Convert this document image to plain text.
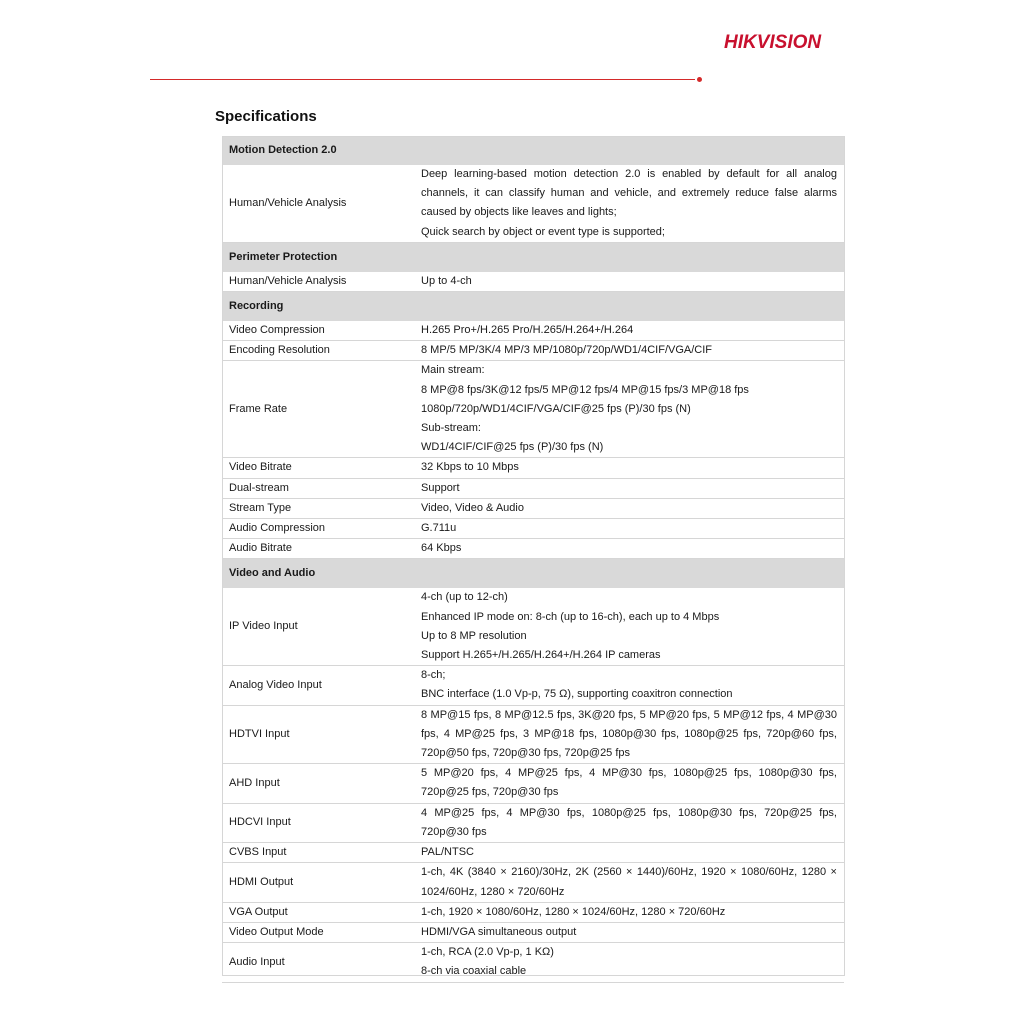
HIKVISION
Specifications
Motion Detection 2.0	
Human/Vehicle Analysis	Deep learning-based motion detection 2.0 is enabled by default for all analog channels, it can classify human and vehicle, and extremely reduce false alarms caused by objects like leaves and lights;
Quick search by object or event type is supported;

Perimeter Protection	
Human/Vehicle Analysis	Up to 4-ch

Recording	
Video Compression	H.265 Pro+/H.265 Pro/H.265/H.264+/H.264

Encoding Resolution	8 MP/5 MP/3K/4 MP/3 MP/1080p/720p/WD1/4CIF/VGA/CIF

Frame Rate	Main stream:
8 MP@8 fps/3K@12 fps/5 MP@12 fps/4 MP@15 fps/3 MP@18 fps
1080p/720p/WD1/4CIF/VGA/CIF@25 fps (P)/30 fps (N)
Sub-stream:
WD1/4CIF/CIF@25 fps (P)/30 fps (N)

Video Bitrate	32 Kbps to 10 Mbps

Dual-stream	Support

Stream Type	Video, Video & Audio

Audio Compression	G.711u

Audio Bitrate	64 Kbps

Video and Audio	
IP Video Input	4-ch (up to 12-ch)
Enhanced IP mode on: 8-ch (up to 16-ch), each up to 4 Mbps
Up to 8 MP resolution
Support H.265+/H.265/H.264+/H.264 IP cameras

Analog Video Input	8-ch;
BNC interface (1.0 Vp-p, 75 Ω), supporting coaxitron connection

HDTVI Input	8 MP@15 fps, 8 MP@12.5 fps, 3K@20 fps, 5 MP@20 fps, 5 MP@12 fps, 4 MP@30 fps, 4 MP@25 fps, 3 MP@18 fps, 1080p@30 fps, 1080p@25 fps, 720p@60 fps, 720p@50 fps, 720p@30 fps, 720p@25 fps

AHD Input	5 MP@20 fps, 4 MP@25 fps, 4 MP@30 fps, 1080p@25 fps, 1080p@30 fps, 720p@25 fps, 720p@30 fps

HDCVI Input	4 MP@25 fps, 4 MP@30 fps, 1080p@25 fps, 1080p@30 fps, 720p@25 fps, 720p@30 fps

CVBS Input	PAL/NTSC

HDMI Output	1-ch, 4K (3840 × 2160)/30Hz, 2K (2560 × 1440)/60Hz, 1920 × 1080/60Hz, 1280 × 1024/60Hz, 1280 × 720/60Hz

VGA Output	1-ch, 1920 × 1080/60Hz, 1280 × 1024/60Hz, 1280 × 720/60Hz

Video Output Mode	HDMI/VGA simultaneous output

Audio Input	1-ch, RCA (2.0 Vp-p, 1 KΩ)
8-ch via coaxial cable
